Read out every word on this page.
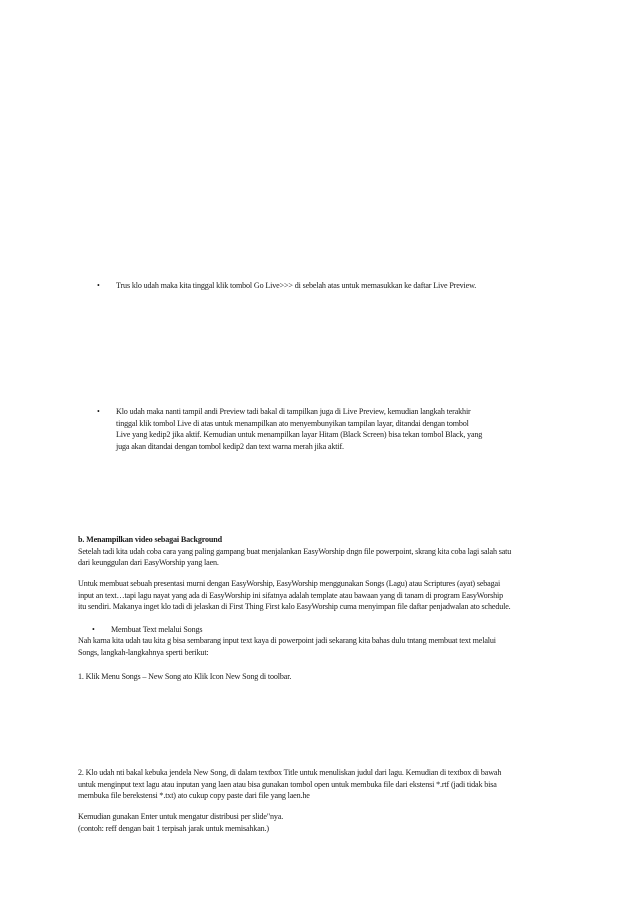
• Trus klo udah maka kita tinggal klik tombol Go Live>>> di sebelah atas untuk memasukkan ke daftar Live Preview.
• Klo udah maka nanti tampil andi Preview tadi bakal di tampilkan juga di Live Preview, kemudian langkah terakhir
tinggal klik tombol Live di atas untuk menampilkan ato menyembunyikan tampilan layar, ditandai dengan tombol
Live yang kedip2 jika aktif. Kemudian untuk menampilkan layar Hitam (Black Screen) bisa tekan tombol Black, yang
juga akan ditandai dengan tombol kedip2 dan text warna merah jika aktif.
b. Menampilkan video sebagai Background
Setelah tadi kita udah coba cara yang paling gampang buat menjalankan EasyWorship dngn file powerpoint, skrang kita coba lagi salah satu
dari keunggulan dari EasyWorship yang laen.
Untuk membuat sebuah presentasi murni dengan EasyWorship, EasyWorship menggunakan Songs (Lagu) atau Scriptures (ayat) sebagai
input an text…tapi lagu nayat yang ada di EasyWorship ini sifatnya adalah template atau bawaan yang di tanam di program EasyWorship
itu sendiri. Makanya inget klo tadi di jelaskan di First Thing First kalo EasyWorship cuma menyimpan file daftar penjadwalan ato schedule.
• Membuat Text melalui Songs
Nah karna kita udah tau kita g bisa sembarang input text kaya di powerpoint jadi sekarang kita bahas dulu tntang membuat text melalui
Songs, langkah-langkahnya sperti berikut:
1. Klik Menu Songs – New Song ato Klik Icon New Song di toolbar.
2. Klo udah nti bakal kebuka jendela New Song, di dalam textbox Title untuk menuliskan judul dari lagu. Kemudian di textbox di bawah
untuk menginput text lagu atau inputan yang laen atau bisa gunakan tombol open untuk membuka file dari ekstensi *.rtf (jadi tidak bisa
membuka file berekstensi *.txt) ato cukup copy paste dari file yang laen.he
Kemudian gunakan Enter untuk mengatur distribusi per slide"nya.
(contoh: reff dengan bait 1 terpisah jarak untuk memisahkan.)
